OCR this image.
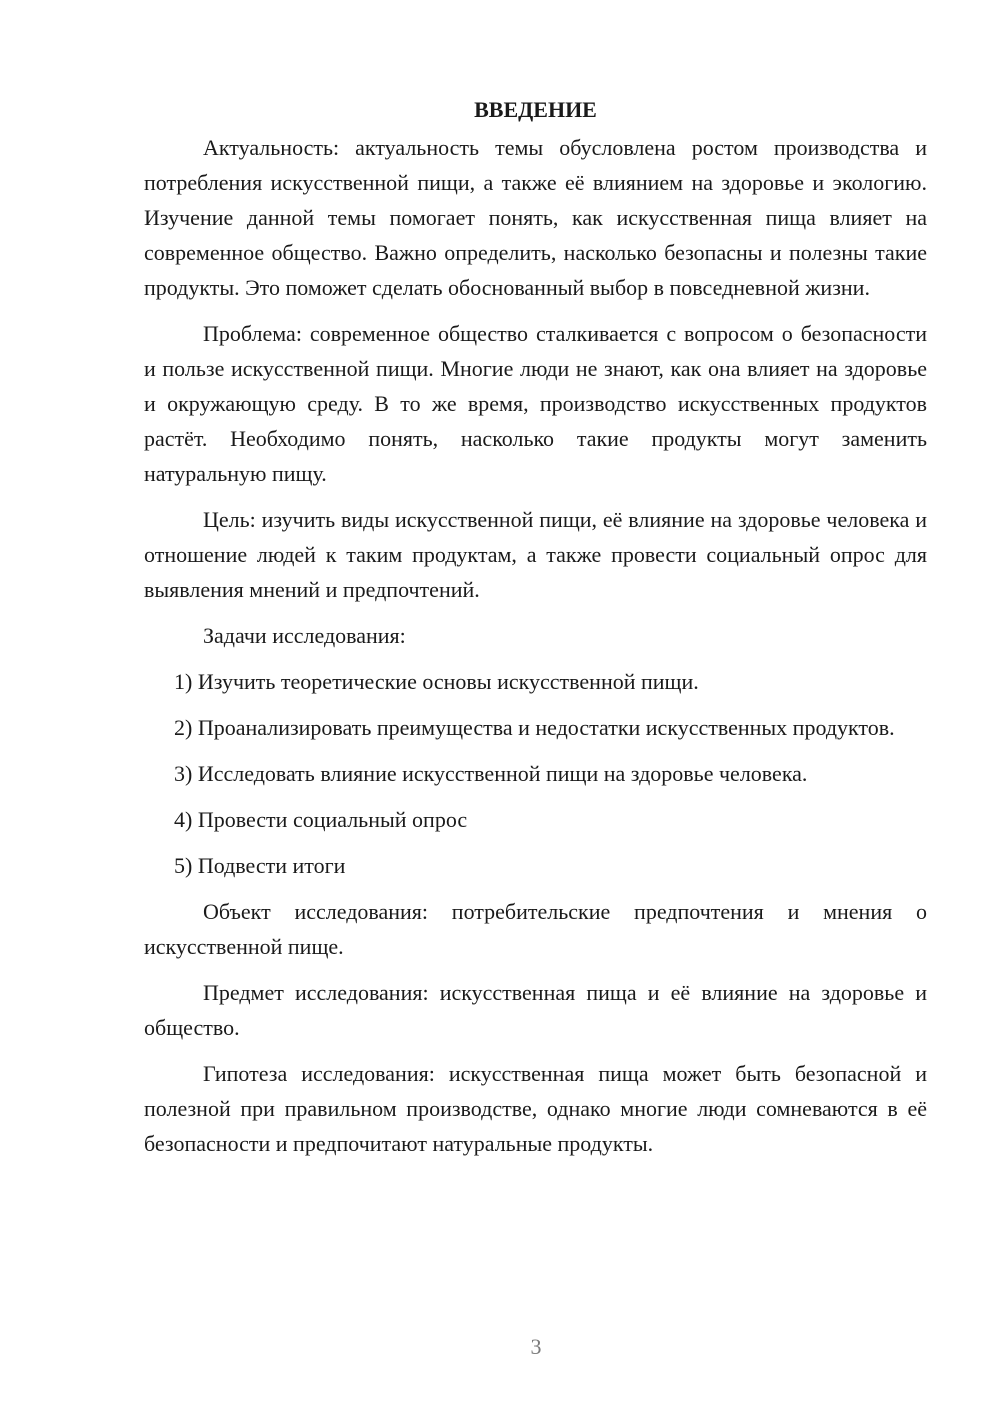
ВВЕДЕНИЕ

Актуальность: актуальность темы обусловлена ростом производства и потребления искусственной пищи, а также её влиянием на здоровье и экологию. Изучение данной темы помогает понять, как искусственная пища влияет на современное общество. Важно определить, насколько безопасны и полезны такие продукты. Это поможет сделать обоснованный выбор в повседневной жизни.

Проблема: современное общество сталкивается с вопросом о безопасности и пользе искусственной пищи. Многие люди не знают, как она влияет на здоровье и окружающую среду. В то же время, производство искусственных продуктов растёт. Необходимо понять, насколько такие продукты могут заменить натуральную пищу.

Цель: изучить виды искусственной пищи, её влияние на здоровье человека и отношение людей к таким продуктам, а также провести социальный опрос для выявления мнений и предпочтений.

Задачи исследования:

1) Изучить теоретические основы искусственной пищи.

2) Проанализировать преимущества и недостатки искусственных продуктов.

3) Исследовать влияние искусственной пищи на здоровье человека.

4) Провести социальный опрос

5) Подвести итоги

Объект исследования: потребительские предпочтения и мнения о искусственной пище.

Предмет исследования: искусственная пища и её влияние на здоровье и общество.

Гипотеза исследования: искусственная пища может быть безопасной и полезной при правильном производстве, однако многие люди сомневаются в её безопасности и предпочитают натуральные продукты.

3
